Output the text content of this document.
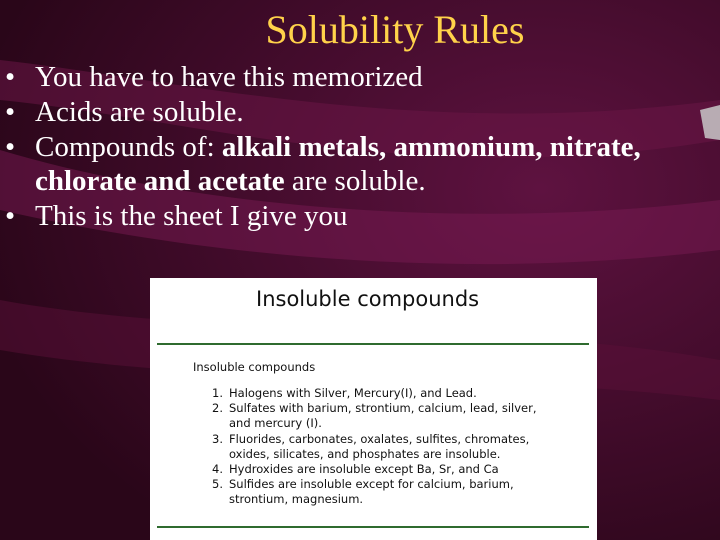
Solubility Rules
• You have to have this memorized
• Acids are soluble.
• Compounds of: alkali metals, ammonium, nitrate,
chlorate and acetate are soluble.
• This is the sheet I give you
Insoluble compounds
Insoluble compounds
1. Halogens with Silver, Mercury(I), and Lead.
2. Sulfates with barium, strontium, calcium, lead, silver,
and mercury (I).
3. Fluorides, carbonates, oxalates, sulfites, chromates,
oxides, silicates, and phosphates are insoluble.
4. Hydroxides are insoluble except Ba, Sr, and Ca
5. Sulfides are insoluble except for calcium, barium,
strontium, magnesium.
